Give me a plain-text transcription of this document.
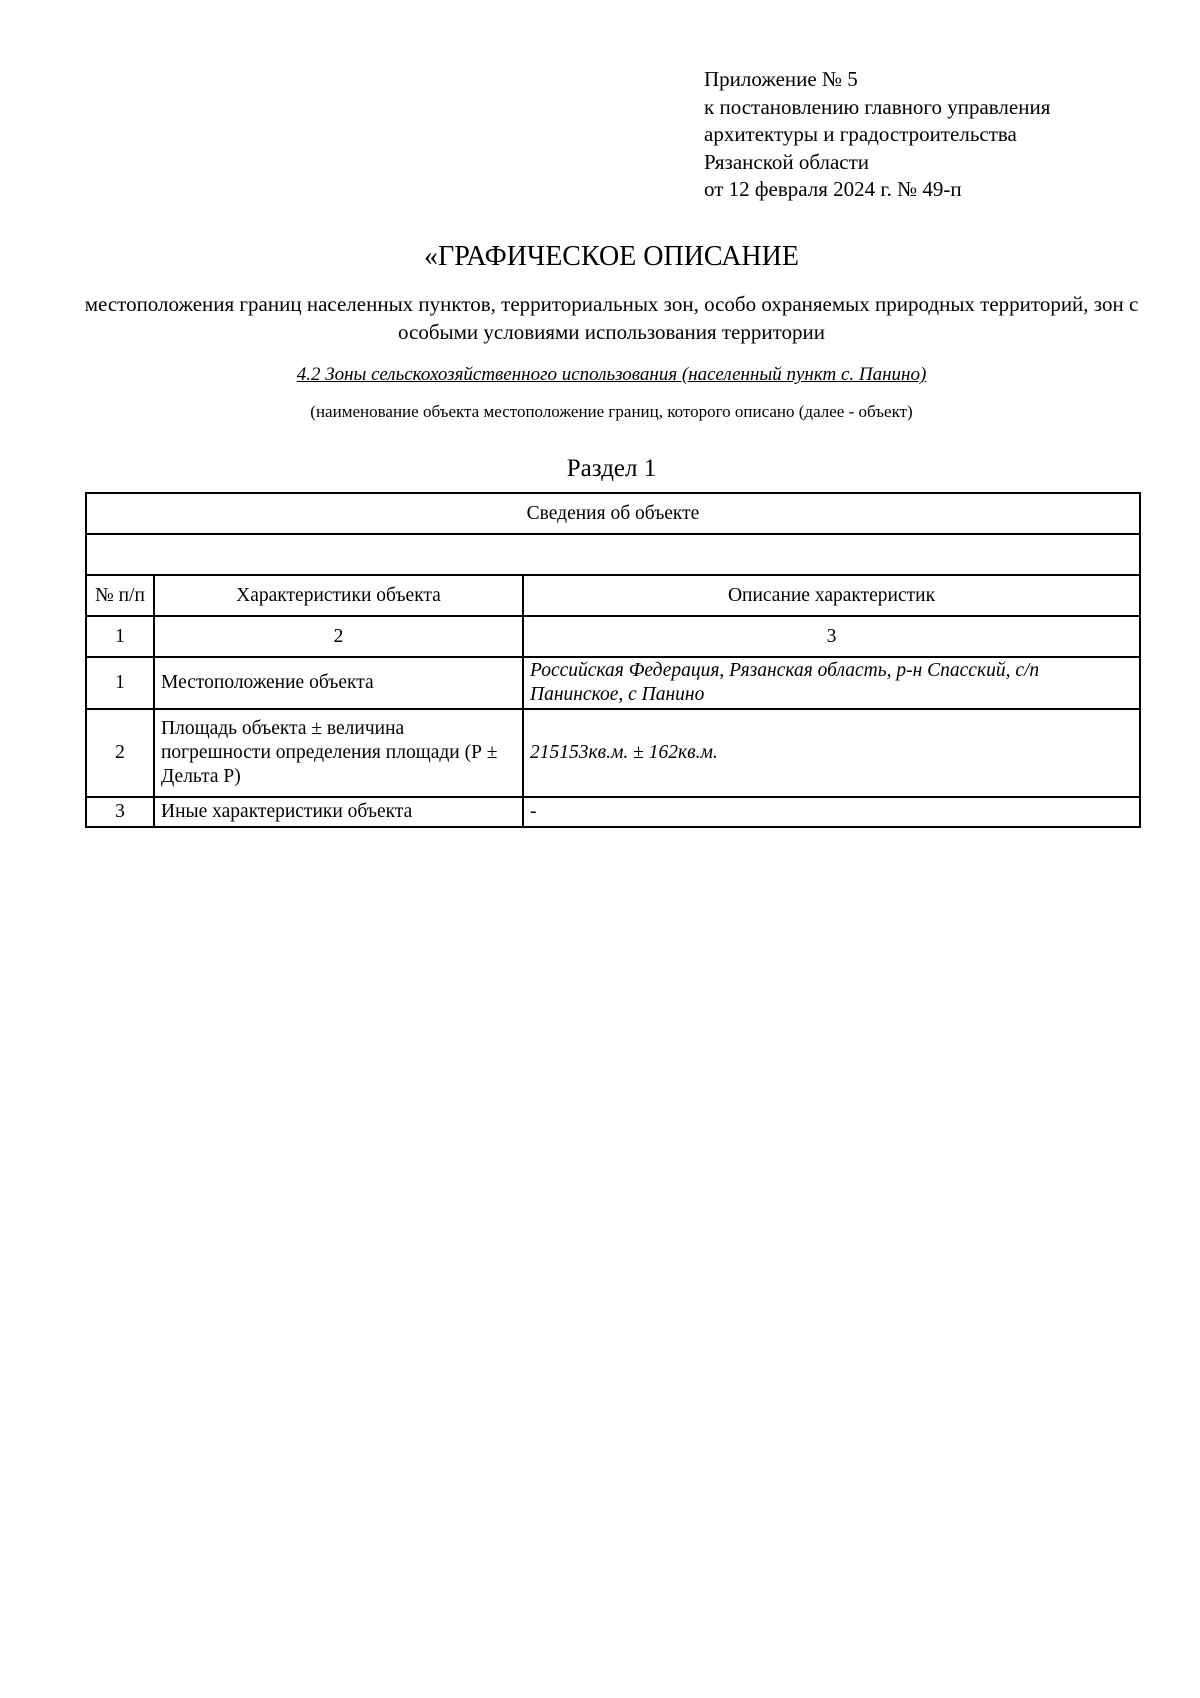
Приложение № 5
к постановлению главного управления
архитектуры и градостроительства
Рязанской области
от 12 февраля 2024 г. № 49-п
«ГРАФИЧЕСКОЕ ОПИСАНИЕ
местоположения границ населенных пунктов, территориальных зон, особо охраняемых природных территорий, зон с особыми условиями использования территории
4.2 Зоны сельскохозяйственного использования (населенный пункт с. Панино)
(наименование объекта местоположение границ, которого описано (далее - объект)
Раздел 1
Сведения об объекте		

№ п/п	Характеристики объекта	Описание характеристик
1	2	3
1	Местоположение объекта	Российская Федерация, Рязанская область, р-н Спасский, с/п Панинское, с Панино
2	Площадь объекта ± величина погрешности определения площади (Р ± Дельта Р)	215153кв.м. ± 162кв.м.
3	Иные характеристики объекта	-
